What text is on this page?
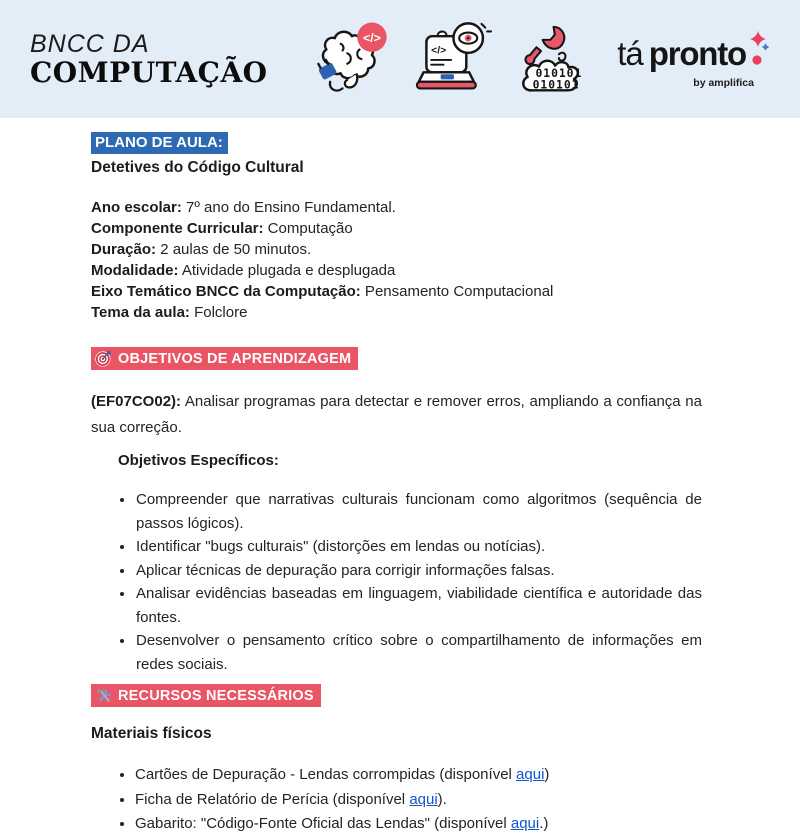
BNCC DA
COMPUTAÇÃO
</>
</>
010101
010101
tá pronto
by amplifica
PLANO DE AULA:
Detetives do Código Cultural
Ano escolar: 7º ano do Ensino Fundamental.
Componente Curricular: Computação
Duração: 2 aulas de 50 minutos.
Modalidade: Atividade plugada e desplugada
Eixo Temático BNCC da Computação: Pensamento Computacional
Tema da aula: Folclore
OBJETIVOS DE APRENDIZAGEM

(EF07CO02): Analisar programas para detectar e remover erros, ampliando a confiança na sua correção.

Objetivos Específicos:
• Compreender que narrativas culturais funcionam como algoritmos (sequência de passos lógicos).
• Identificar "bugs culturais" (distorções em lendas ou notícias).
• Aplicar técnicas de depuração para corrigir informações falsas.
• Analisar evidências baseadas em linguagem, viabilidade científica e autoridade das fontes.
• Desenvolver o pensamento crítico sobre o compartilhamento de informações em redes sociais.
RECURSOS NECESSÁRIOS
Materiais físicos
• Cartões de Depuração - Lendas corrompidas (disponível aqui)
• Ficha de Relatório de Perícia (disponível aqui).
• Gabarito: "Código-Fonte Oficial das Lendas" (disponível aqui.)
